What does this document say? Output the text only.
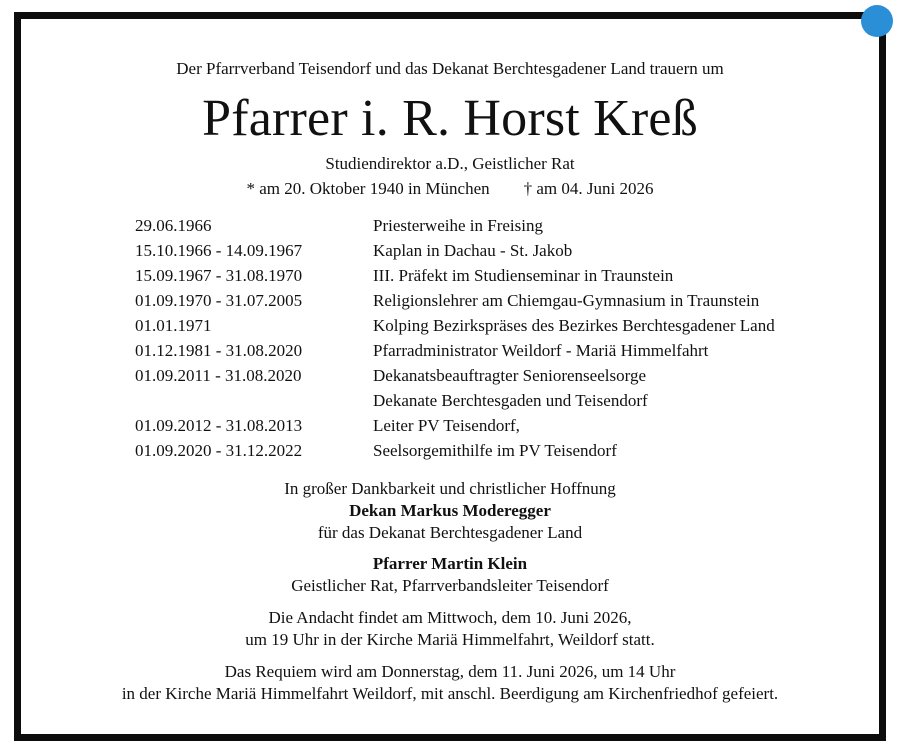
Der Pfarrverband Teisendorf und das Dekanat Berchtesgadener Land trauern um
Pfarrer i. R. Horst Kreß
Studiendirektor a.D., Geistlicher Rat
* am 20. Oktober 1940 in München † am 04. Juni 2026
29.06.1966	Priesterweihe in Freising
15.10.1966 - 14.09.1967	Kaplan in Dachau - St. Jakob
15.09.1967 - 31.08.1970	III. Präfekt im Studienseminar in Traunstein
01.09.1970 - 31.07.2005	Religionslehrer am Chiemgau-Gymnasium in Traunstein
01.01.1971	Kolping Bezirkspräses des Bezirkes Berchtesgadener Land
01.12.1981 - 31.08.2020	Pfarradministrator Weildorf - Mariä Himmelfahrt
01.09.2011 - 31.08.2020	Dekanatsbeauftragter Seniorenseelsorge
Dekanate Berchtesgaden und Teisendorf
01.09.2012 - 31.08.2013	Leiter PV Teisendorf,
01.09.2020 - 31.12.2022	Seelsorgemithilfe im PV Teisendorf
In großer Dankbarkeit und christlicher Hoffnung
Dekan Markus Moderegger
für das Dekanat Berchtesgadener Land
Pfarrer Martin Klein
Geistlicher Rat, Pfarrverbandsleiter Teisendorf
Die Andacht findet am Mittwoch, dem 10. Juni 2026,
um 19 Uhr in der Kirche Mariä Himmelfahrt, Weildorf statt.
Das Requiem wird am Donnerstag, dem 11. Juni 2026, um 14 Uhr
in der Kirche Mariä Himmelfahrt Weildorf, mit anschl. Beerdigung am Kirchenfriedhof gefeiert.
